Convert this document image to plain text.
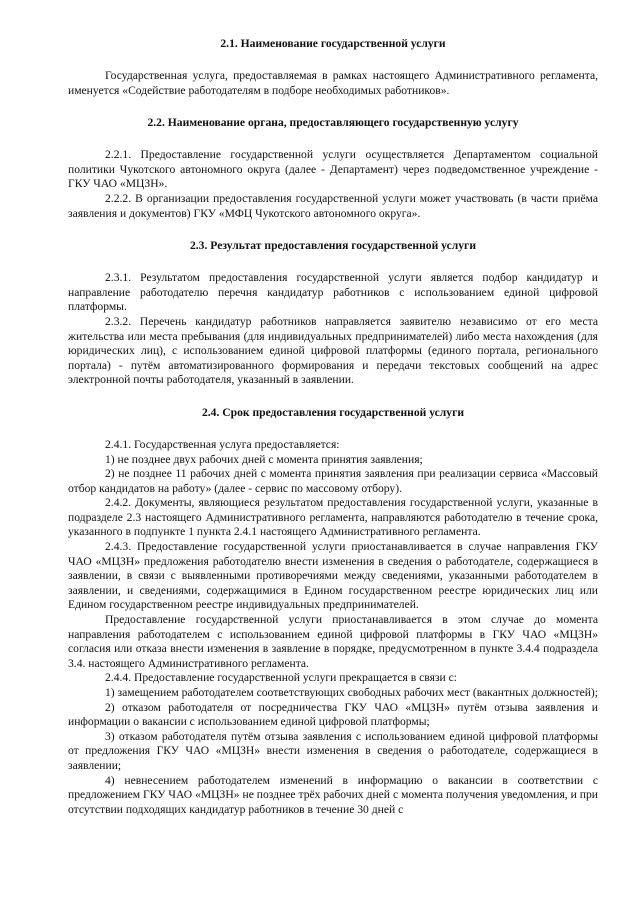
2.1. Наименование государственной услуги

Государственная услуга, предоставляемая в рамках настоящего Административного регламента, именуется «Содействие работодателям в подборе необходимых работников».

2.2. Наименование органа, предоставляющего государственную услугу

2.2.1. Предоставление государственной услуги осуществляется Департаментом социальной политики Чукотского автономного округа (далее - Департамент) через подведомственное учреждение - ГКУ ЧАО «МЦЗН».

2.2.2. В организации предоставления государственной услуги может участвовать (в части приёма заявления и документов) ГКУ «МФЦ Чукотского автономного округа».

2.3. Результат предоставления государственной услуги

2.3.1. Результатом предоставления государственной услуги является подбор кандидатур и направление работодателю перечня кандидатур работников с использованием единой цифровой платформы.

2.3.2. Перечень кандидатур работников направляется заявителю независимо от его места жительства или места пребывания (для индивидуальных предпринимателей) либо места нахождения (для юридических лиц), с использованием единой цифровой платформы (единого портала, регионального портала) - путём автоматизированного формирования и передачи текстовых сообщений на адрес электронной почты работодателя, указанный в заявлении.

2.4. Срок предоставления государственной услуги

2.4.1. Государственная услуга предоставляется:

1) не позднее двух рабочих дней с момента принятия заявления;

2) не позднее 11 рабочих дней с момента принятия заявления при реализации сервиса «Массовый отбор кандидатов на работу» (далее - сервис по массовому отбору).

2.4.2. Документы, являющиеся результатом предоставления государственной услуги, указанные в подразделе 2.3 настоящего Административного регламента, направляются работодателю в течение срока, указанного в подпункте 1 пункта 2.4.1 настоящего Административного регламента.

2.4.3. Предоставление государственной услуги приостанавливается в случае направления ГКУ ЧАО «МЦЗН» предложения работодателю внести изменения в сведения о работодателе, содержащиеся в заявлении, в связи с выявленными противоречиями между сведениями, указанными работодателем в заявлении, и сведениями, содержащимися в Едином государственном реестре юридических лиц или Едином государственном реестре индивидуальных предпринимателей.

Предоставление государственной услуги приостанавливается в этом случае до момента направления работодателем с использованием единой цифровой платформы в ГКУ ЧАО «МЦЗН» согласия или отказа внести изменения в заявление в порядке, предусмотренном в пункте 3.4.4 подраздела 3.4. настоящего Административного регламента.

2.4.4. Предоставление государственной услуги прекращается в связи с:

1) замещением работодателем соответствующих свободных рабочих мест (вакантных должностей);

2) отказом работодателя от посредничества ГКУ ЧАО «МЦЗН» путём отзыва заявления и информации о вакансии с использованием единой цифровой платформы;

3) отказом работодателя путём отзыва заявления с использованием единой цифровой платформы от предложения ГКУ ЧАО «МЦЗН» внести изменения в сведения о работодателе, содержащиеся в заявлении;

4) невнесением работодателем изменений в информацию о вакансии в соответствии с предложением ГКУ ЧАО «МЦЗН» не позднее трёх рабочих дней с момента получения уведомления, и при отсутствии подходящих кандидатур работников в течение 30 дней с
